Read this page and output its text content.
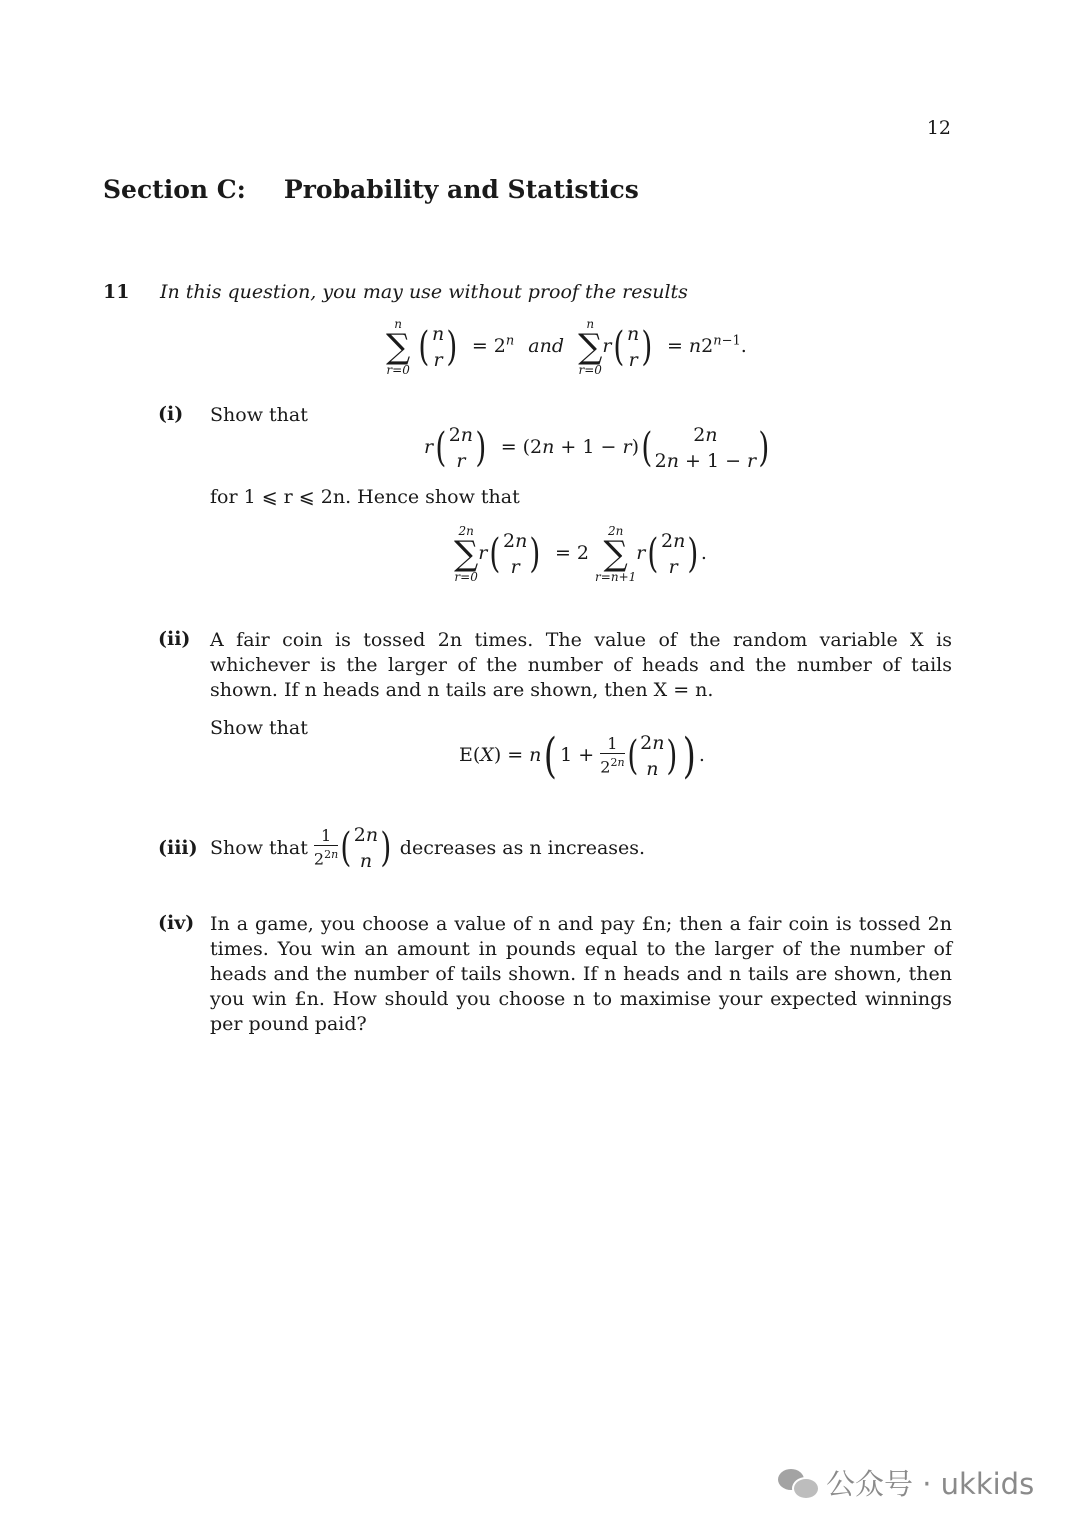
12
Section C: Probability and Statistics
11 In this question, you may use without proof the results
n
∑
r=0 ( n
r ) = $2^n$ and
n
∑
r=0
r( n
r ) = $n2^{n-1}$.
(i) Show that
r( 2n
r ) = (2n + 1 − r)(	2n
2n + 1 − r )
for 1 ⩽ r ⩽ 2n. Hence show that
2n
∑
r=0
r( 2n
r ) = 2
2n
∑
r=n+1
r( 2n
r ) .
(ii) A fair coin is tossed 2n times. The value of the random variable X is whichever is the larger of the number of heads and the number of tails shown. If n heads and n tails are shown, then X = n.
Show that
E(X) = n( $1 + \frac{1}{2^{2n}}$ ( 2n
n ) ) .
(iii) Show that $\frac{1}{2^{2n}}$ ( 2n
n ) decreases as n increases.
(iv) In a game, you choose a value of n and pay £n; then a fair coin is tossed 2n times. You win an amount in pounds equal to the larger of the number of heads and the number of tails shown. If n heads and n tails are shown, then you win £n. How should you choose n to maximise your expected winnings per pound paid?
公众号 · ukkids
